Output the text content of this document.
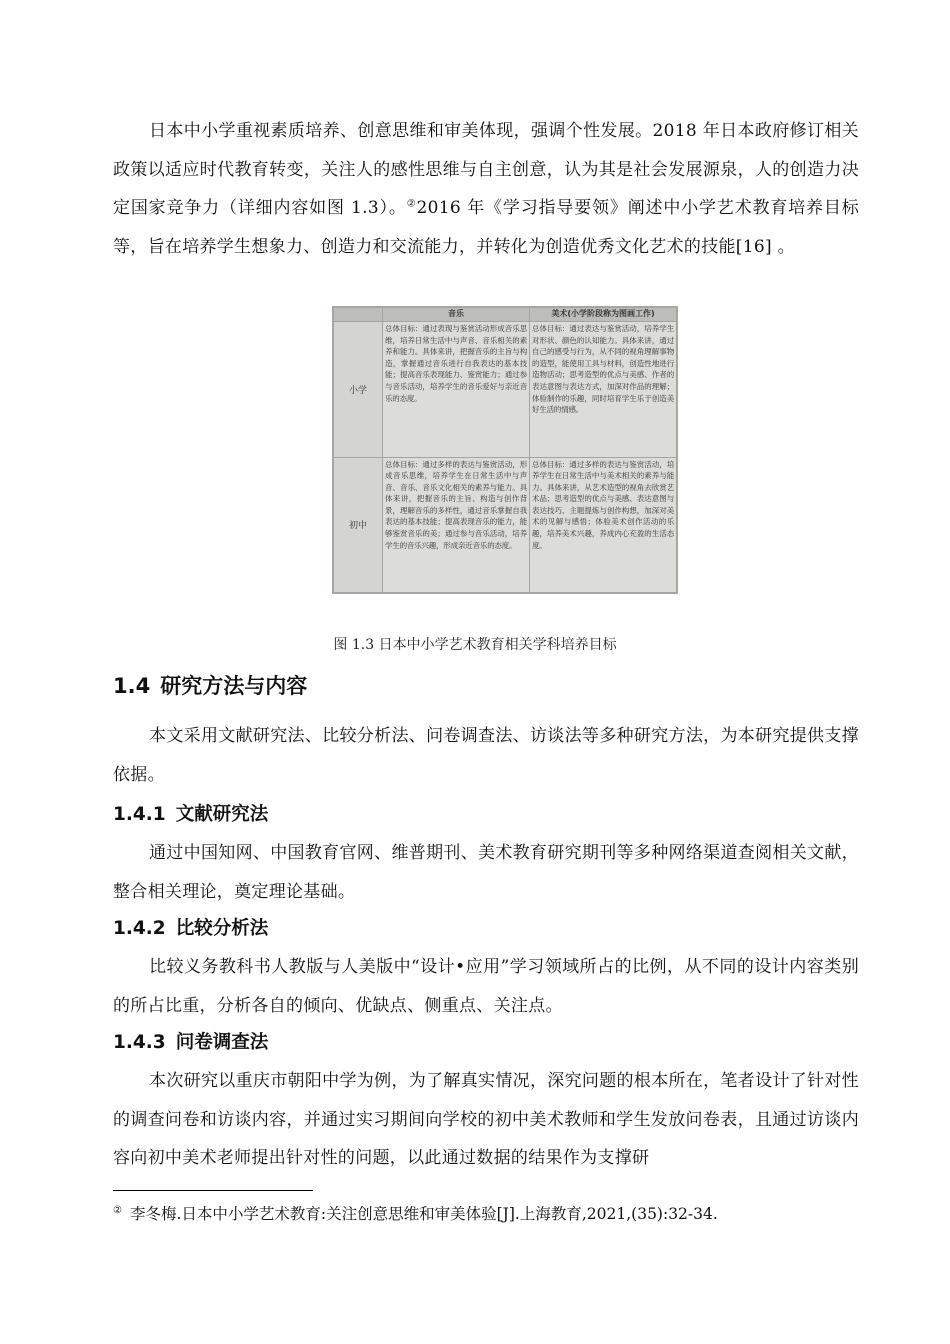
日本中小学重视素质培养、创意思维和审美体现，强调个性发展。2018 年日本政府修订相关政策以适应时代教育转变，关注人的感性思维与自主创意，认为其是社会发展源泉，人的创造力决定国家竞争力（详细内容如图 1.3）。②2016 年《学习指导要领》阐述中小学艺术教育培养目标等，旨在培养学生想象力、创造力和交流能力，并转化为创造优秀文化艺术的技能[16] 。

	音乐	美术(小学阶段称为图画工作)
小学	总体目标：通过表现与鉴赏活动形成音乐思维，培养日常生活中与声音、音乐相关的素养和能力。具体来讲，把握音乐的主旨与构造，掌握通过音乐进行自我表达的基本技能；提高音乐表现能力、鉴赏能力；通过参与音乐活动，培养学生的音乐爱好与亲近音乐的态度。	总体目标：通过表达与鉴赏活动，培养学生对形状、颜色的认知能力。具体来讲，通过自己的感受与行为，从不同的视角理解事物的造型，能使用工具与材料，创造性地进行造物活动；思考造型的优点与美感、作者的表达意图与表达方式，加深对作品的理解；体验制作的乐趣，同时培育学生乐于创造美好生活的情感。
初中	总体目标：通过多样的表达与鉴赏活动，形成音乐思维，培养学生在日常生活中与声音、音乐、音乐文化相关的素养与能力。具体来讲，把握音乐的主旨、构造与创作背景，理解音乐的多样性，通过音乐掌握自我表达的基本技能；提高表现音乐的能力，能够鉴赏音乐的美；通过参与音乐活动，培养学生的音乐兴趣，形成亲近音乐的态度。	总体目标：通过多样的表达与鉴赏活动，培养学生在日常生活中与美术相关的素养与能力。具体来讲，从艺术造型的视角去欣赏艺术品；思考造型的优点与美感、表达意图与表达技巧、主题提炼与创作构想，加深对美术的见解与感悟；体验美术创作活动的乐趣，培养美术兴趣，养成内心充盈的生活态度。

图 1.3 日本中小学艺术教育相关学科培养目标

1.4 研究方法与内容

本文采用文献研究法、比较分析法、问卷调查法、访谈法等多种研究方法，为本研究提供支撑依据。

1.4.1 文献研究法

通过中国知网、中国教育官网、维普期刊、美术教育研究期刊等多种网络渠道查阅相关文献，整合相关理论，奠定理论基础。

1.4.2 比较分析法

比较义务教科书人教版与人美版中“设计•应用”学习领域所占的比例，从不同的设计内容类别的所占比重，分析各自的倾向、优缺点、侧重点、关注点。

1.4.3 问卷调查法

本次研究以重庆市朝阳中学为例，为了解真实情况，深究问题的根本所在，笔者设计了针对性的调查问卷和访谈内容，并通过实习期间向学校的初中美术教师和学生发放问卷表，且通过访谈内容向初中美术老师提出针对性的问题，以此通过数据的结果作为支撑研

② 李冬梅.日本中小学艺术教育:关注创意思维和审美体验[J].上海教育,2021,(35):32-34.
